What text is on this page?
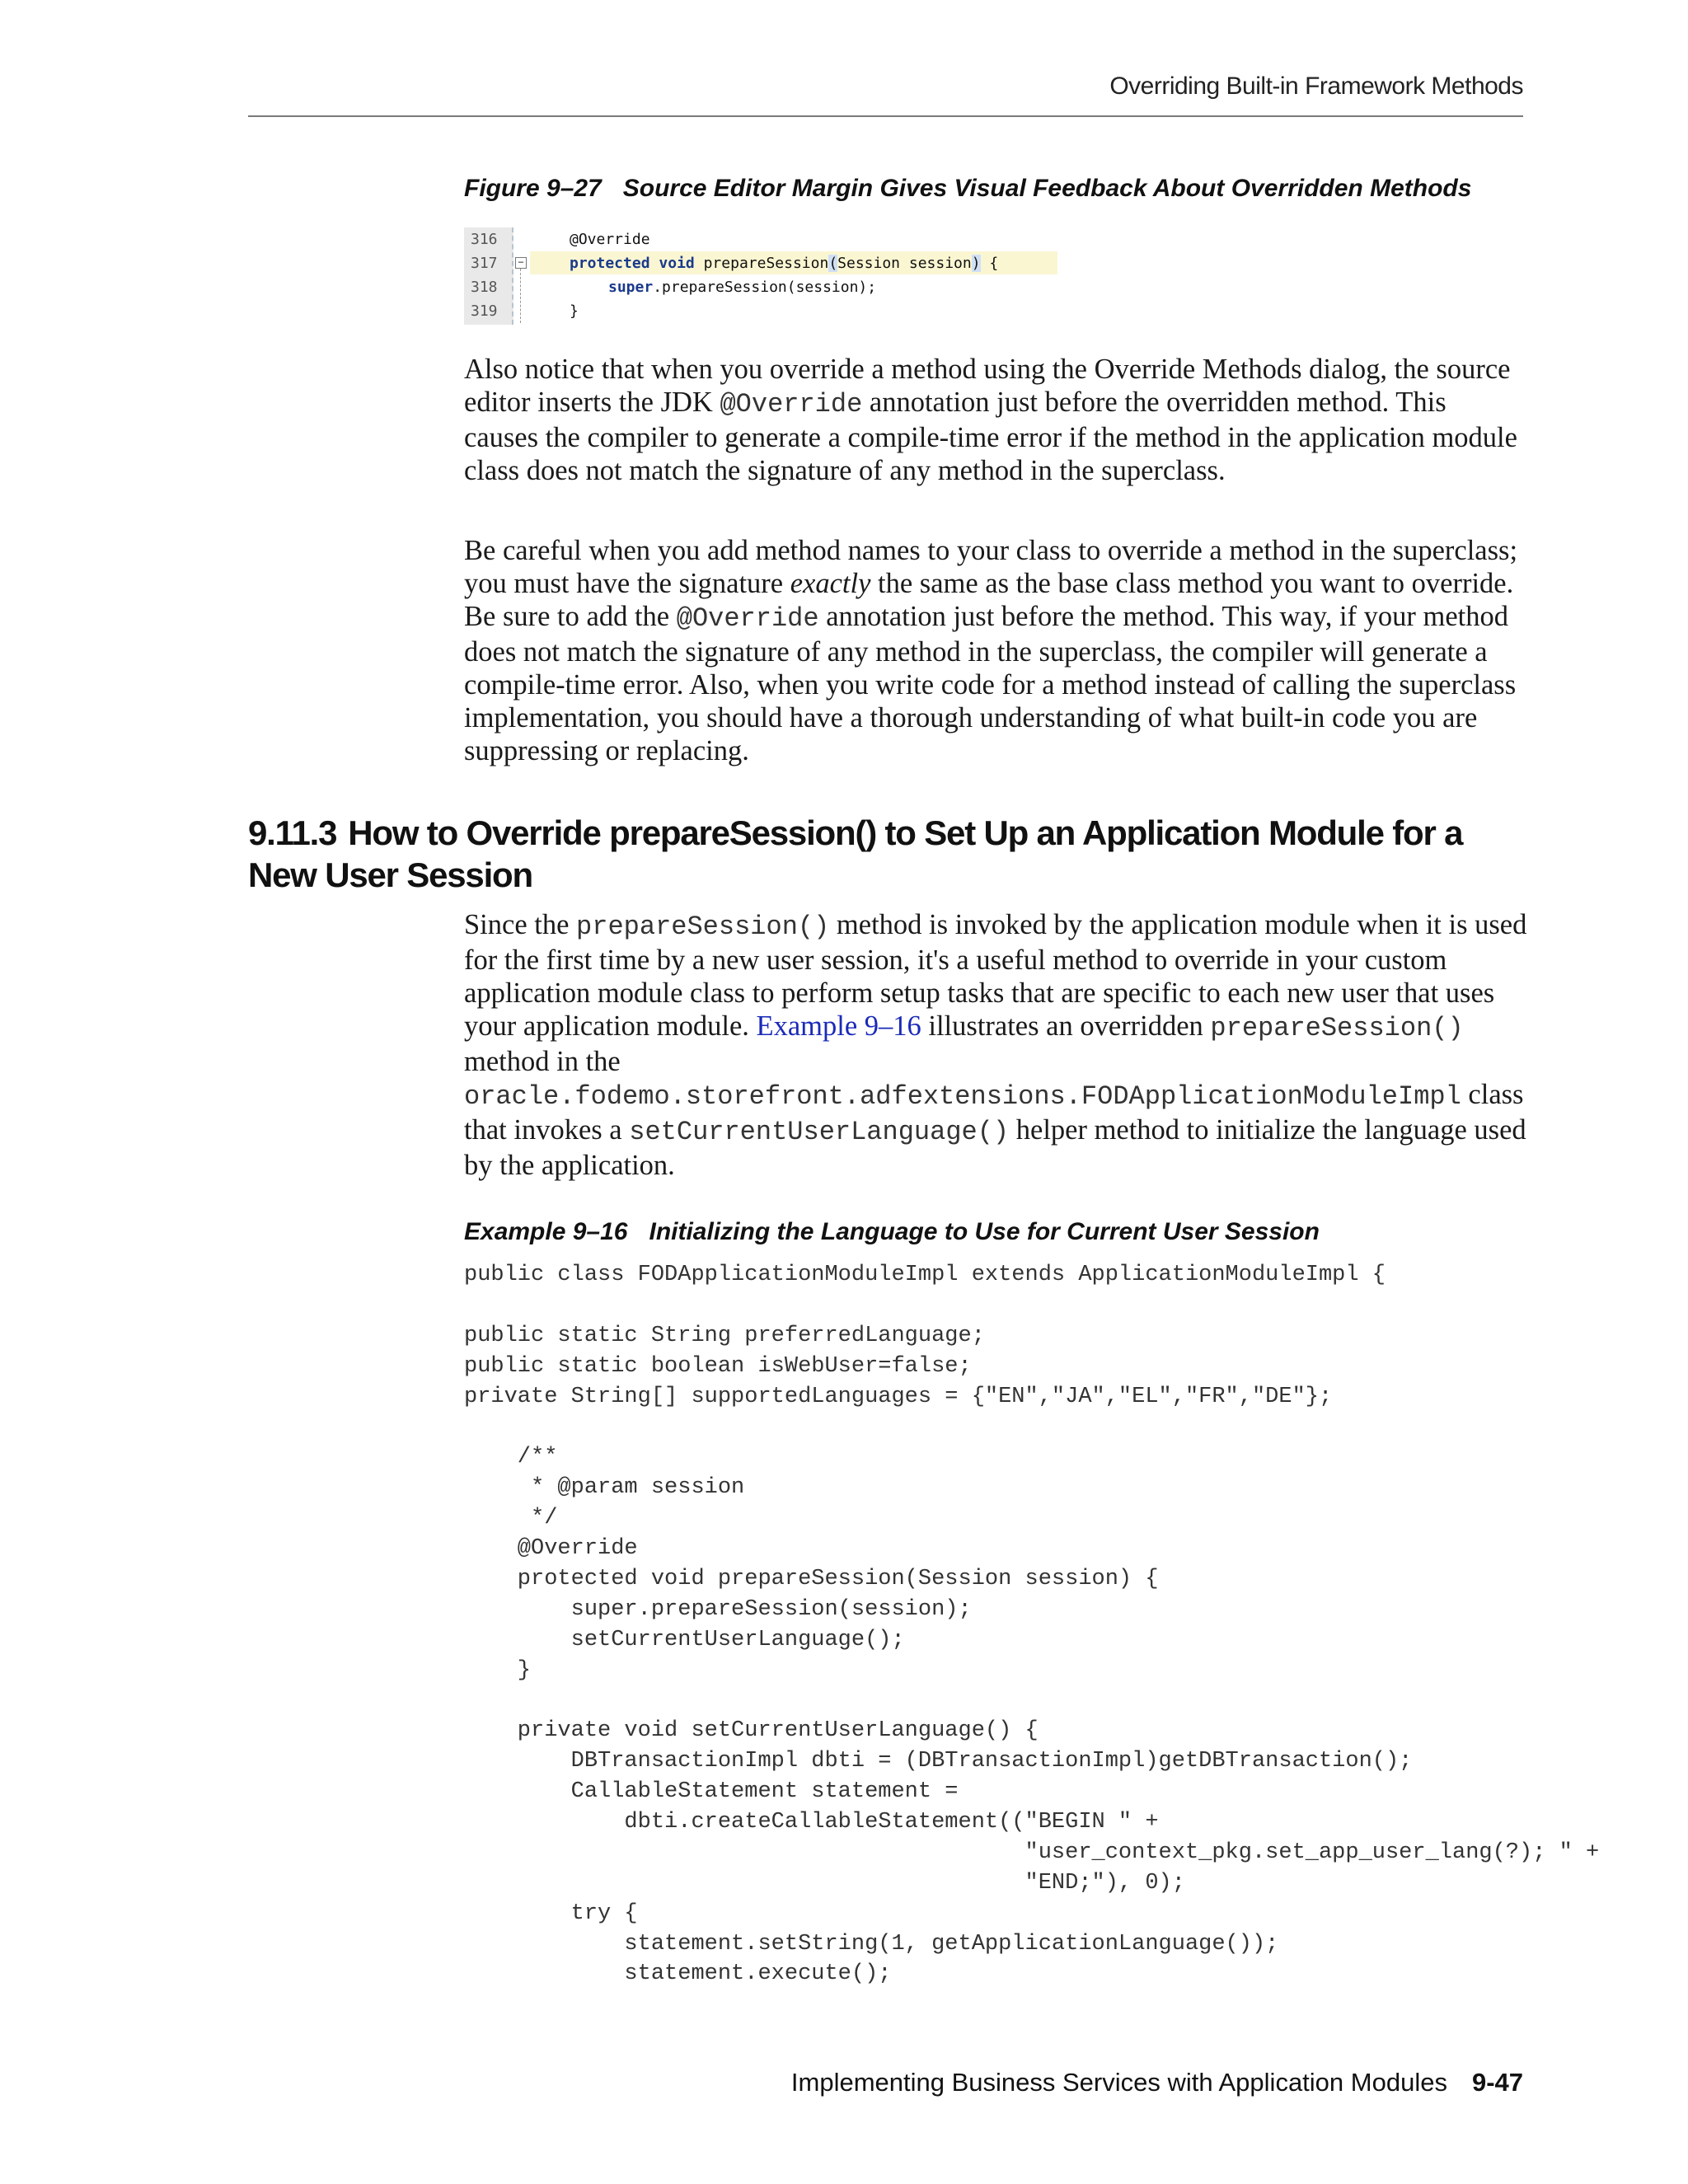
Overriding Built-in Framework Methods
Figure 9–27 Source Editor Margin Gives Visual Feedback About Overridden Methods
316
317
318
319
−
@Override
protected void prepareSession(Session session) {
super.prepareSession(session);
}

Also notice that when you override a method using the Override Methods dialog, the source editor inserts the JDK @Override annotation just before the overridden method. This causes the compiler to generate a compile-time error if the method in the application module class does not match the signature of any method in the superclass.

Be careful when you add method names to your class to override a method in the superclass; you must have the signature exactly the same as the base class method you want to override. Be sure to add the @Override annotation just before the method. This way, if your method does not match the signature of any method in the superclass, the compiler will generate a compile-time error. Also, when you write code for a method instead of calling the superclass implementation, you should have a thorough understanding of what built-in code you are suppressing or replacing.

9.11.3 How to Override prepareSession() to Set Up an Application Module for a New User Session

Since the prepareSession() method is invoked by the application module when it is used for the first time by a new user session, it's a useful method to override in your custom application module class to perform setup tasks that are specific to each new user that uses your application module. Example 9–16 illustrates an overridden prepareSession() method in the oracle.fodemo.storefront.adfextensions.FODApplicationModuleImpl class that invokes a setCurrentUserLanguage() helper method to initialize the language used by the application.

Example 9–16 Initializing the Language to Use for Current User Session
public class FODApplicationModuleImpl extends ApplicationModuleImpl {
public static String preferredLanguage;
public static boolean isWebUser=false;
private String[] supportedLanguages = {"EN","JA","EL","FR","DE"};
/**
* @param session
*/
@Override
protected void prepareSession(Session session) {
super.prepareSession(session);
setCurrentUserLanguage();
}
private void setCurrentUserLanguage() {
DBTransactionImpl dbti = (DBTransactionImpl)getDBTransaction();
CallableStatement statement =
dbti.createCallableStatement(("BEGIN " +
"user_context_pkg.set_app_user_lang(?); " +
"END;"), 0);
try {
statement.setString(1, getApplicationLanguage());
statement.execute();
Implementing Business Services with Application Modules 9-47
